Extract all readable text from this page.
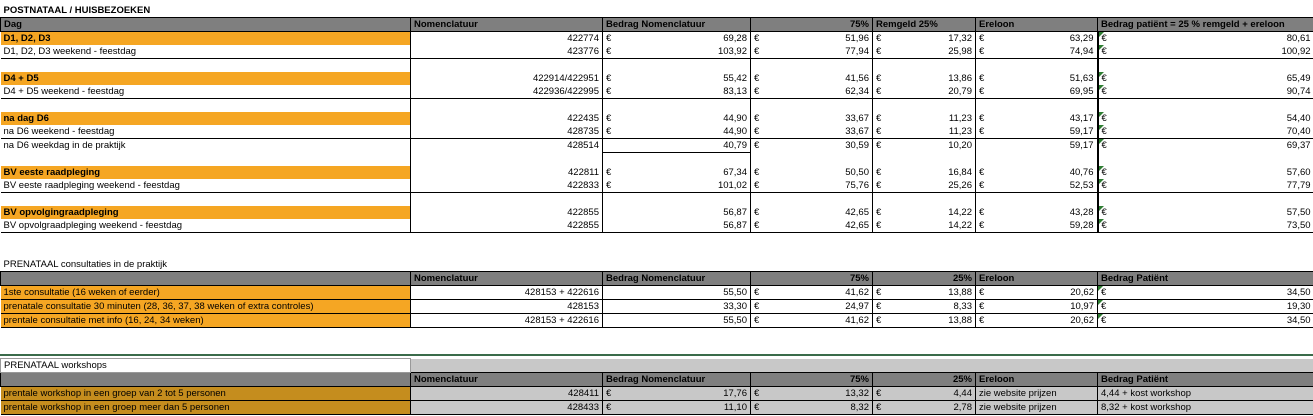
POSTNATAAL / HUISBEZOEKEN						
Dag	Nomenclatuur	Bedrag Nomenclatuur	75%	Remgeld 25%	Ereloon	Bedrag patiënt = 25 % remgeld + ereloon
D1, D2, D3	422774	€ 69,28	€ 51,96	€ 17,32	€ 63,29	€ 80,61

D1, D2, D3 weekend - feestdag	423776	€ 103,92	€ 77,94	€ 25,98	€ 74,94	€ 100,92

D4 + D5	422914/422951	€ 55,42	€ 41,56	€ 13,86	€ 51,63	€ 65,49

D4 + D5 weekend - feestdag	422936/422995	€ 83,13	€ 62,34	€ 20,79	€ 69,95	€ 90,74

na dag D6	422435	€ 44,90	€ 33,67	€ 11,23	€ 43,17	€ 54,40

na D6 weekend - feestdag	428735	€ 44,90	€ 33,67	€ 11,23	€ 59,17	€ 70,40

na D6 weekdag in de praktijk	428514	40,79	€ 30,59	€ 10,20	59,17	€ 69,37

BV eeste raadpleging	422811	€ 67,34	€ 50,50	€ 16,84	€ 40,76	€ 57,60

BV eeste raadpleging weekend - feestdag	422833	€ 101,02	€ 75,76	€ 25,26	€ 52,53	€ 77,79

BV opvolgingraadpleging	422855	56,87	€ 42,65	€ 14,22	€ 43,28	€ 57,50

BV opvolgraadpleging weekend - feestdag	422855	56,87	€ 42,65	€ 14,22	€ 59,28	€ 73,50
PRENATAAL consultaties in de praktijk						
	Nomenclatuur	Bedrag Nomenclatuur	75%	25%	Ereloon	Bedrag Patiënt
1ste consultatie (16 weken of eerder)	428153 + 422616	55,50	€ 41,62	€ 13,88	€ 20,62	€ 34,50

prenatale consultatie 30 minuten (28, 36, 37, 38 weken of extra controles)	428153	33,30	€ 24,97	€ 8,33	€ 10,97	€ 19,30

prentale consultatie met info (16, 24, 34 weken)	428153 + 422616	55,50	€ 41,62	€ 13,88	€ 20,62	€ 34,50
PRENATAAL workshops						
	Nomenclatuur	Bedrag Nomenclatuur	75%	25%	Ereloon	Bedrag Patiënt
prentale workshop in een groep van 2 tot 5 personen	428411	€ 17,76	€ 13,32	€ 4,44	zie website prijzen	4,44 + kost workshop
prentale workshop in een groep meer dan 5 personen	428433	€ 11,10	€ 8,32	€ 2,78	zie website prijzen	8,32 + kost workshop
